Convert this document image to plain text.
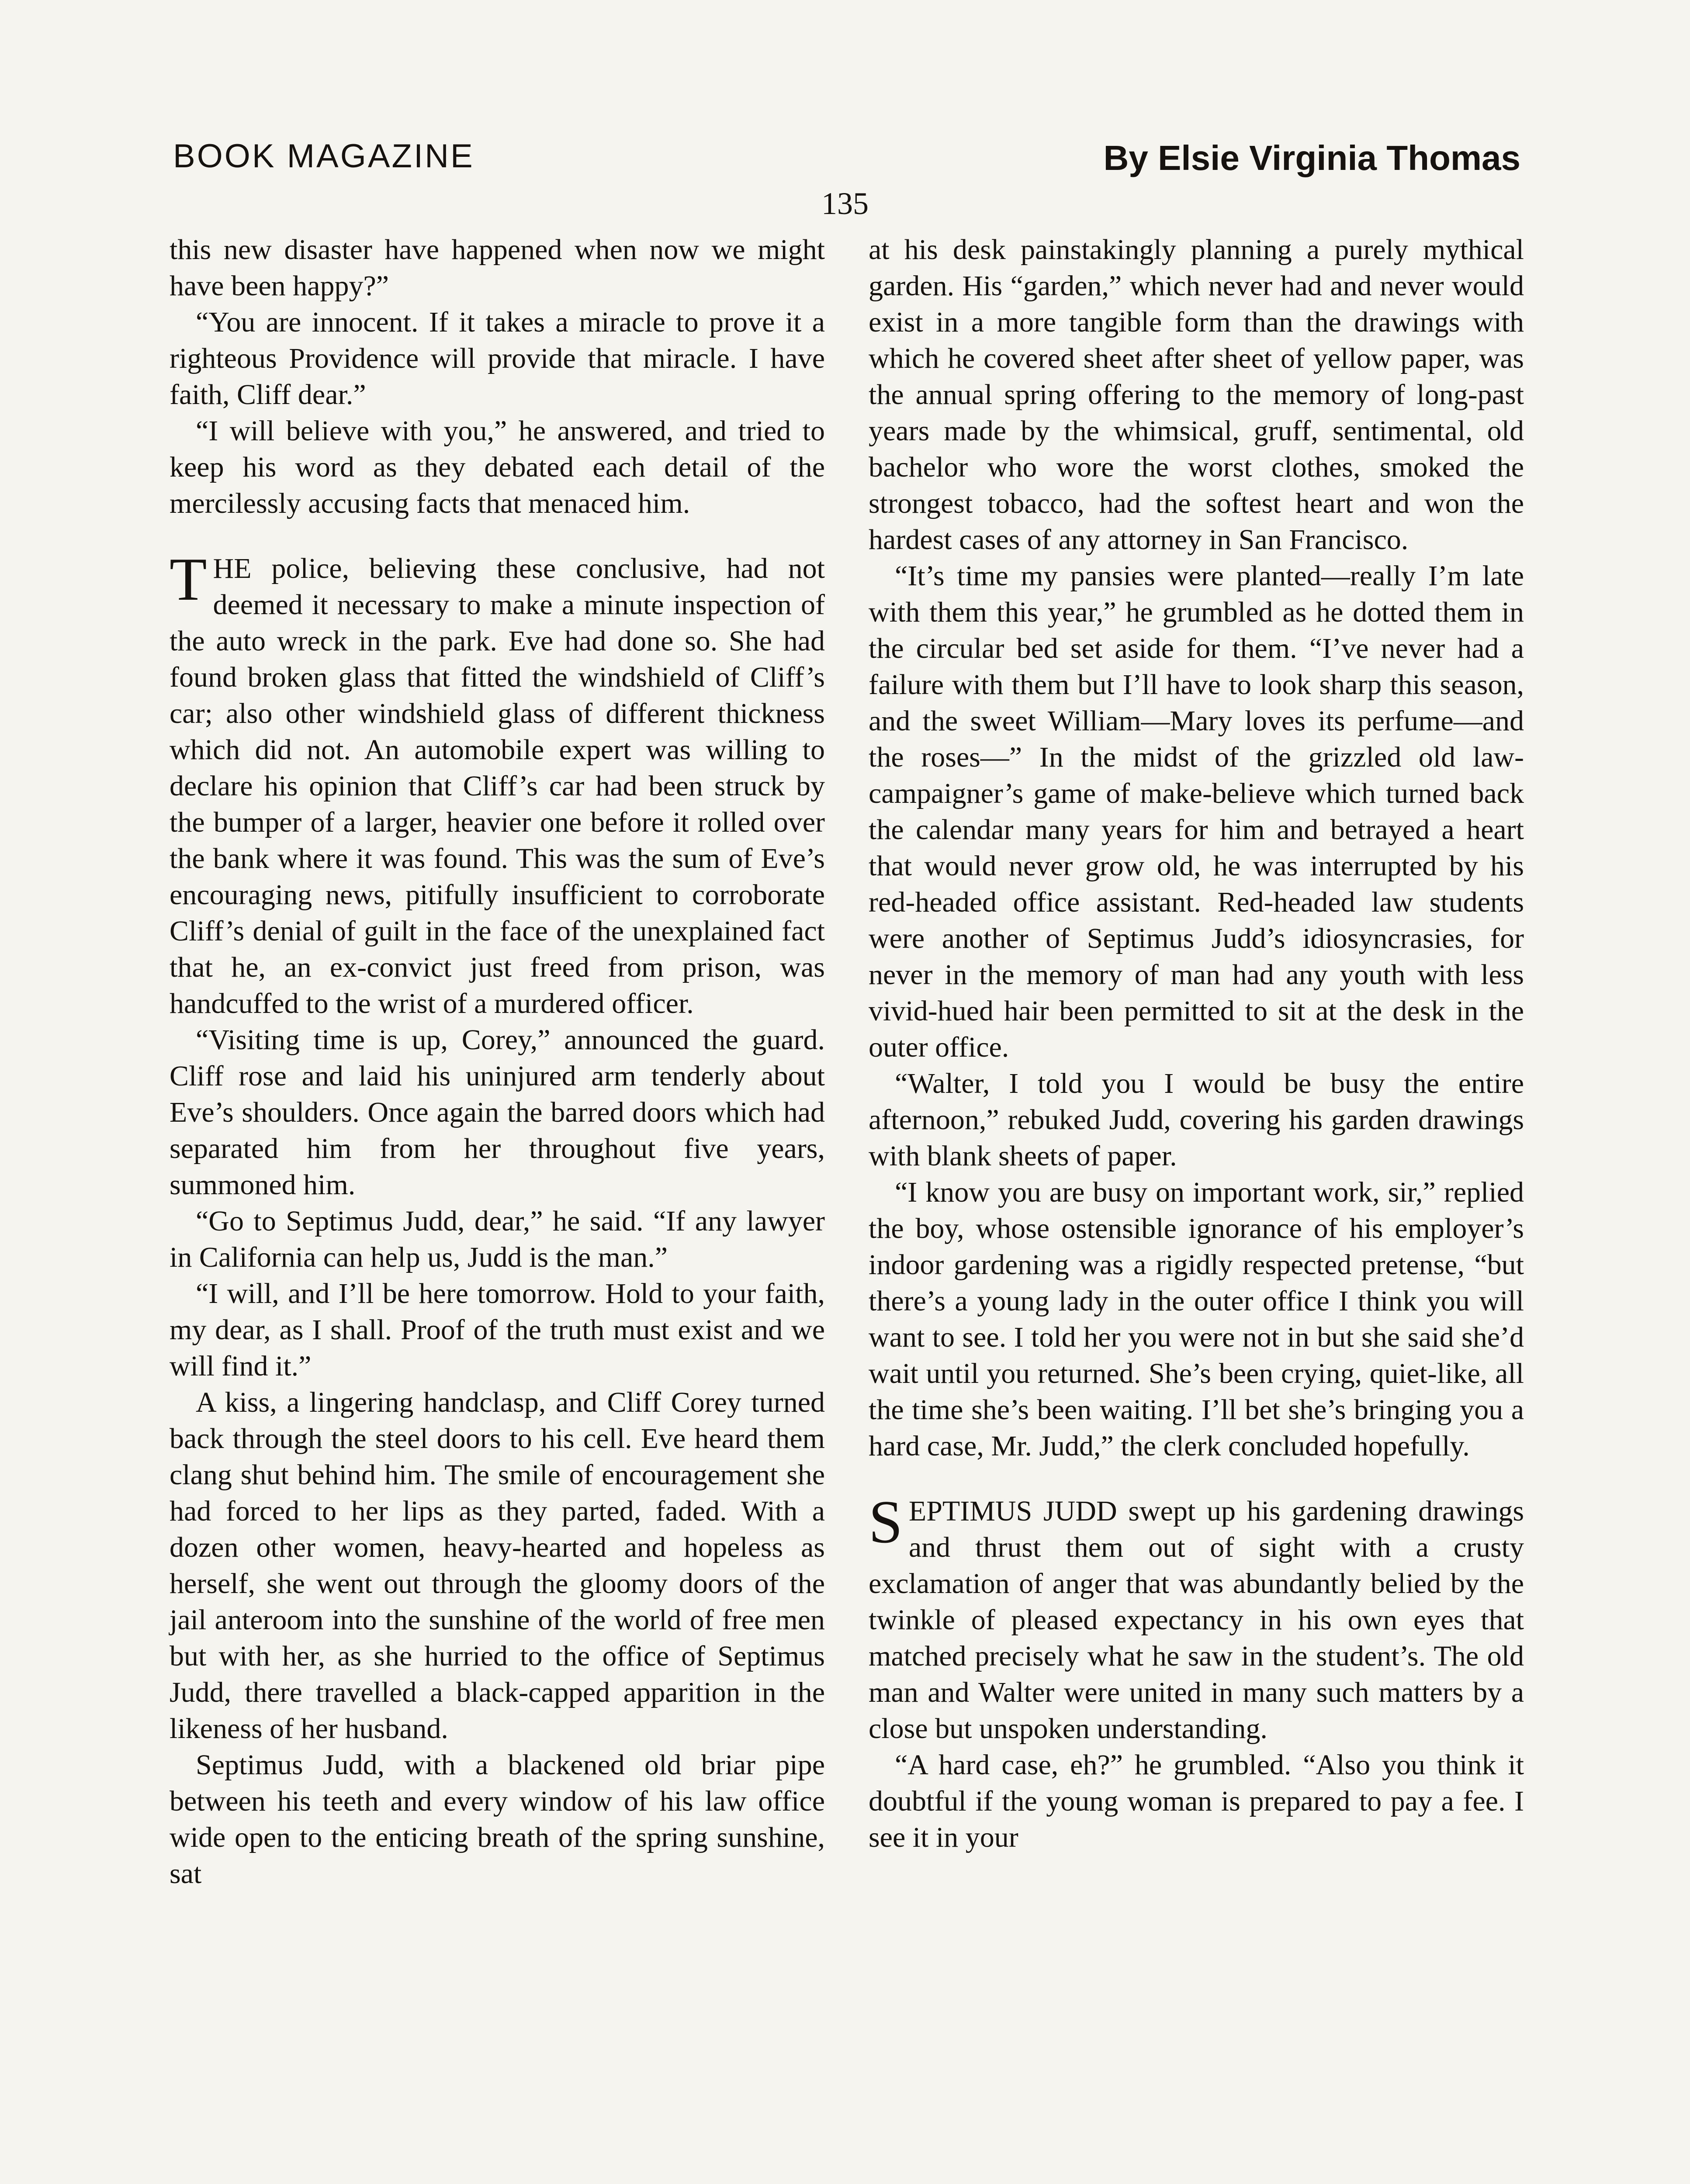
BOOK MAGAZINE	By Elsie Virginia Thomas
135

this new disaster have happened when now we might have been happy?”

“You are innocent. If it takes a miracle to prove it a righteous Providence will provide that miracle. I have faith, Cliff dear.”

“I will believe with you,” he answered, and tried to keep his word as they debated each detail of the mercilessly accusing facts that menaced him.

THE police, believing these conclusive, had not deemed it necessary to make a minute inspection of the auto wreck in the park. Eve had done so. She had found broken glass that fitted the windshield of Cliff’s car; also other windshield glass of different thickness which did not. An automobile expert was willing to declare his opinion that Cliff’s car had been struck by the bumper of a larger, heavier one before it rolled over the bank where it was found. This was the sum of Eve’s encouraging news, pitifully insufficient to corroborate Cliff’s denial of guilt in the face of the unexplained fact that he, an ex-convict just freed from prison, was handcuffed to the wrist of a murdered officer.

“Visiting time is up, Corey,” announced the guard. Cliff rose and laid his uninjured arm tenderly about Eve’s shoulders. Once again the barred doors which had separated him from her throughout five years, summoned him.

“Go to Septimus Judd, dear,” he said. “If any lawyer in California can help us, Judd is the man.”

“I will, and I’ll be here tomorrow. Hold to your faith, my dear, as I shall. Proof of the truth must exist and we will find it.”

A kiss, a lingering handclasp, and Cliff Corey turned back through the steel doors to his cell. Eve heard them clang shut behind him. The smile of encouragement she had forced to her lips as they parted, faded. With a dozen other women, heavy-hearted and hopeless as herself, she went out through the gloomy doors of the jail anteroom into the sunshine of the world of free men but with her, as she hurried to the office of Septimus Judd, there travelled a black-capped apparition in the likeness of her husband.

Septimus Judd, with a blackened old briar pipe between his teeth and every window of his law office wide open to the enticing breath of the spring sunshine, sat

at his desk painstakingly planning a purely mythical garden. His “garden,” which never had and never would exist in a more tangible form than the drawings with which he covered sheet after sheet of yellow paper, was the annual spring offering to the memory of long-past years made by the whimsical, gruff, sentimental, old bachelor who wore the worst clothes, smoked the strongest tobacco, had the softest heart and won the hardest cases of any attorney in San Francisco.

“It’s time my pansies were planted—really I’m late with them this year,” he grumbled as he dotted them in the circular bed set aside for them. “I’ve never had a failure with them but I’ll have to look sharp this season, and the sweet William—Mary loves its perfume—and the roses—” In the midst of the grizzled old law-campaigner’s game of make-believe which turned back the calendar many years for him and betrayed a heart that would never grow old, he was interrupted by his red-headed office assistant. Red-headed law students were another of Septimus Judd’s idiosyncrasies, for never in the memory of man had any youth with less vivid-hued hair been permitted to sit at the desk in the outer office.

“Walter, I told you I would be busy the entire afternoon,” rebuked Judd, covering his garden drawings with blank sheets of paper.

“I know you are busy on important work, sir,” replied the boy, whose ostensible ignorance of his employer’s indoor gardening was a rigidly respected pretense, “but there’s a young lady in the outer office I think you will want to see. I told her you were not in but she said she’d wait until you returned. She’s been crying, quiet-like, all the time she’s been waiting. I’ll bet she’s bringing you a hard case, Mr. Judd,” the clerk concluded hopefully.

SEPTIMUS JUDD swept up his gardening drawings and thrust them out of sight with a crusty exclamation of anger that was abundantly belied by the twinkle of pleased expectancy in his own eyes that matched precisely what he saw in the student’s. The old man and Walter were united in many such matters by a close but unspoken understanding.

“A hard case, eh?” he grumbled. “Also you think it doubtful if the young woman is prepared to pay a fee. I see it in your
